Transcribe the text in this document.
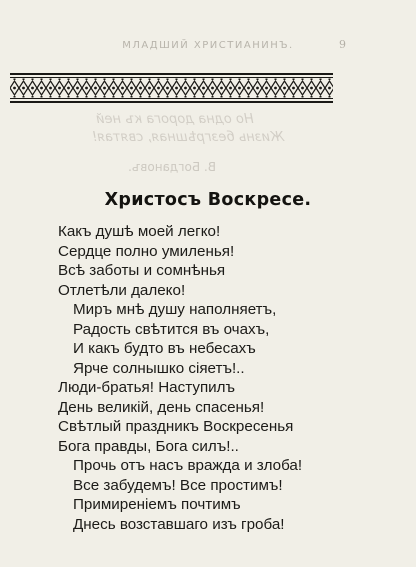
МЛАДШИЙ ХРИСТИАНИНЪ.	9
Но одна дорога къ ней
Жизнь безгрѣшная, святая!
В. Богдановъ.
Христосъ Воскресе.
Какъ душѣ моей легко!
Сердце полно умиленья!
Всѣ заботы и сомнѣнья
Отлетѣли далеко!
Миръ мнѣ душу наполняетъ,
Радость свѣтится въ очахъ,
И какъ будто въ небесахъ
Ярче солнышко сіяетъ!..
Люди-братья! Наступилъ
День великій, день спасенья!
Свѣтлый праздникъ Воскресенья
Бога правды, Бога силъ!..
Прочь отъ насъ вражда и злоба!
Все забудемъ! Все простимъ!
Примиреніемъ почтимъ
Днесь возставшаго изъ гроба!
